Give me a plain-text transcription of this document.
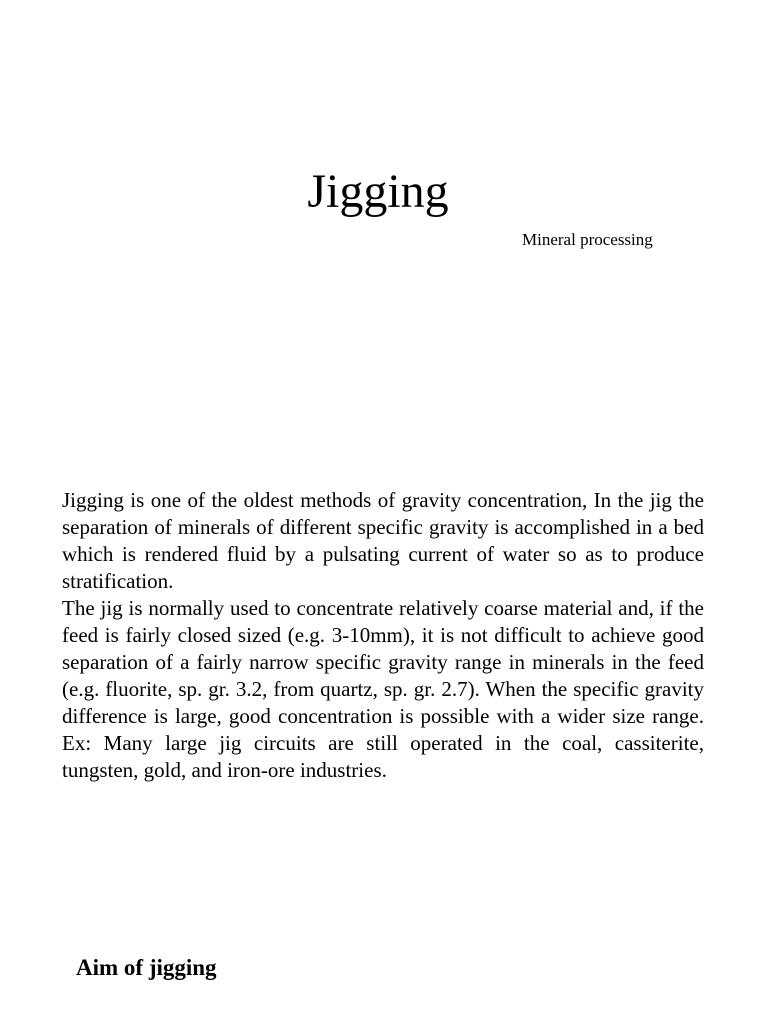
Jigging
Mineral processing

Jigging is one of the oldest methods of gravity concentration, In the jig the separation of minerals of different specific gravity is accomplished in a bed which is rendered fluid by a pulsating current of water so as to produce stratification.

The jig is normally used to concentrate relatively coarse material and, if the feed is fairly closed sized (e.g. 3-10mm), it is not difficult to achieve good separation of a fairly narrow specific gravity range in minerals in the feed (e.g. fluorite, sp. gr. 3.2, from quartz, sp. gr. 2.7). When the specific gravity difference is large, good concentration is possible with a wider size range. Ex: Many large jig circuits are still operated in the coal, cassiterite, tungsten, gold, and iron-ore industries.

Aim of jigging
